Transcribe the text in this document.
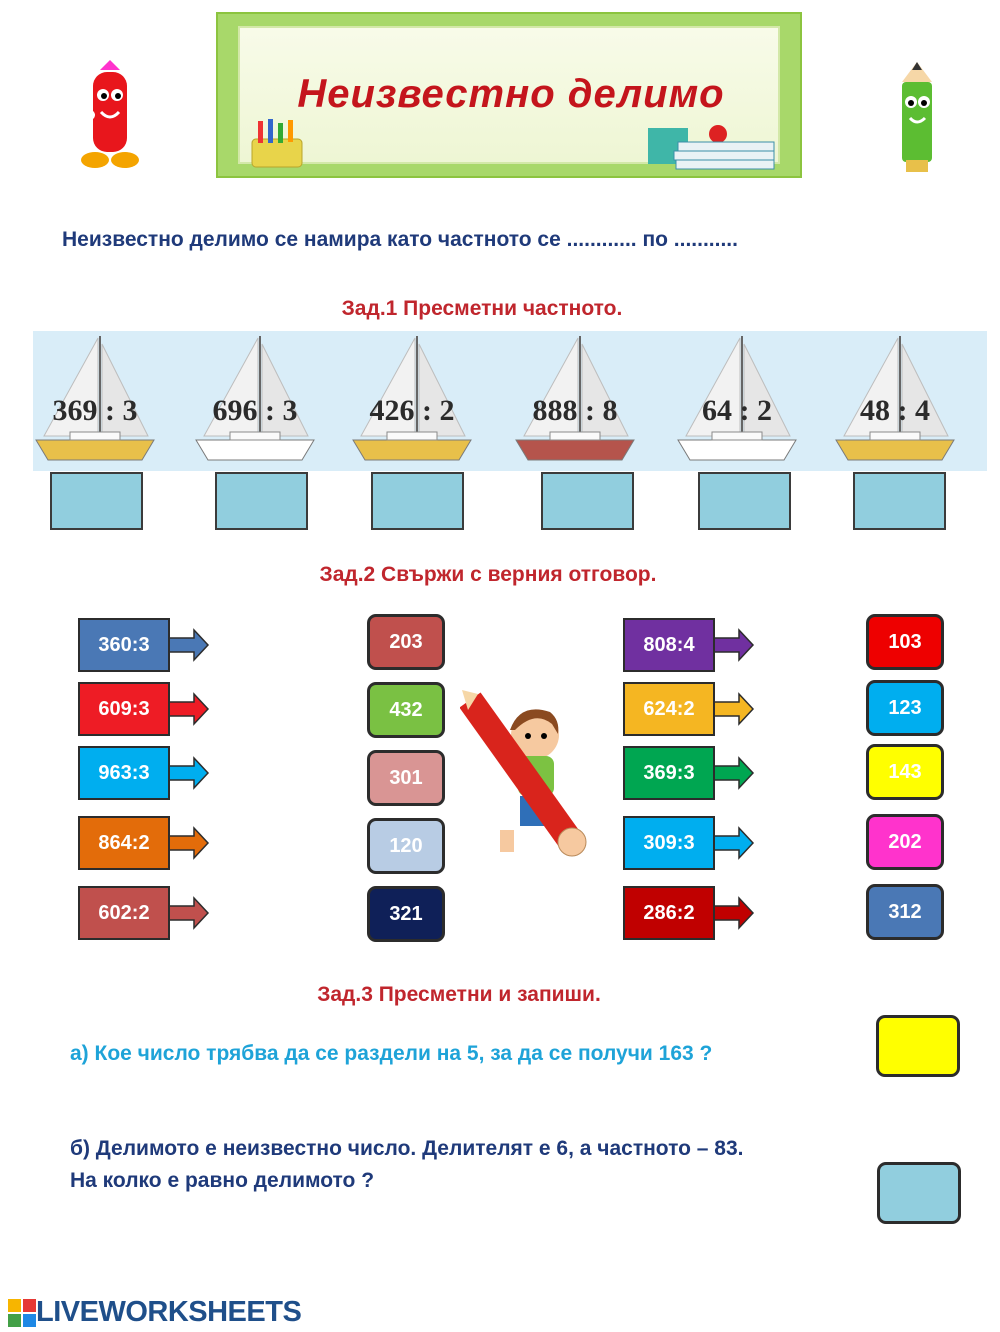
Неизвестно делимо
Неизвестно делимо се намира като частното се ............ по ...........
Зад.1 Пресметни частното.
369 : 3	696 : 3	426 : 2	888 : 8	64 : 2	48 : 4
Зад.2 Свържи с верния отговор.
360:3
609:3
963:3
864:2
602:2
203
432
301
120
321
808:4
624:2
369:3
309:3
286:2
103
123
143
202
312
Зад.3 Пресметни и запиши.
а) Кое число трябва да се раздели на 5, за да се получи 163 ?
б) Делимото е неизвестно число. Делителят е 6, а частното – 83.
На колко е равно делимото ?
LIVEWORKSHEETS
